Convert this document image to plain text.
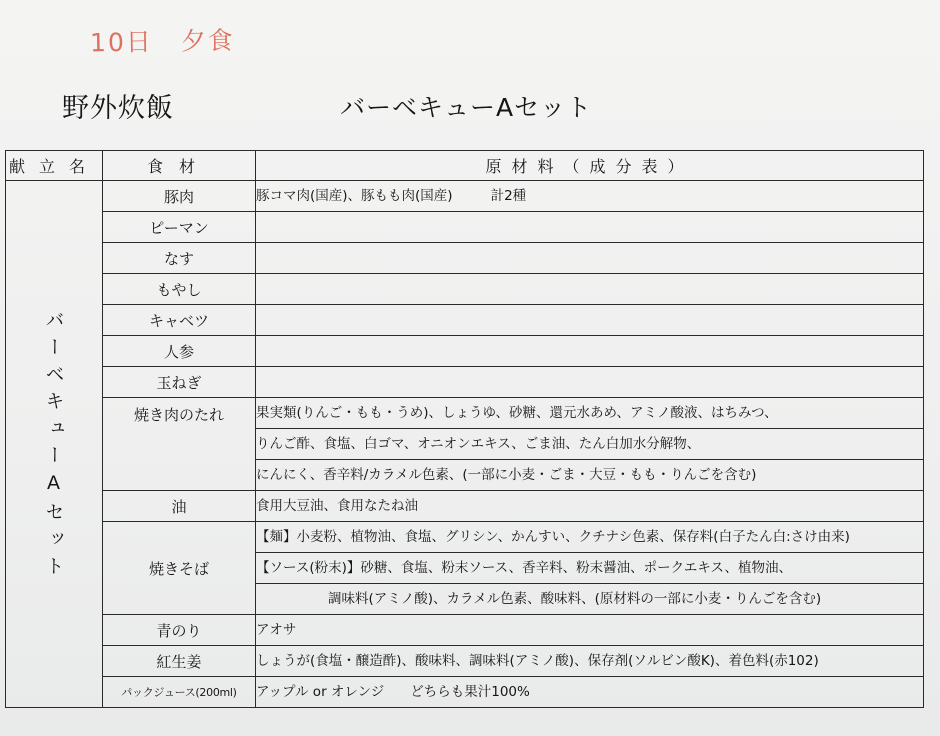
10日 夕食
野外炊飯	バーベキューAセット
献立名	食材	原材料（成分表）
バーベキューAセット	豚肉	豚コマ肉(国産)、豚もも肉(国産) 計2種

	ピーマン	

	なす	

	もやし	

	キャベツ	

	人参	

	玉ねぎ	

	焼き肉のたれ	果実類(りんご・もも・うめ)、しょうゆ、砂糖、還元水あめ、アミノ酸液、はちみつ、
りんご酢、食塩、白ゴマ、オニオンエキス、ごま油、たん白加水分解物、
にんにく、香辛料/カラメル色素、(一部に小麦・ごま・大豆・もも・りんごを含む)

	油	食用大豆油、食用なたね油

	焼きそば	【麺】小麦粉、植物油、食塩、グリシン、かんすい、クチナシ色素、保存料(白子たん白:さけ由来)
【ソース(粉末)】砂糖、食塩、粉末ソース、香辛料、粉末醤油、ポークエキス、植物油、
調味料(アミノ酸)、カラメル色素、酸味料、(原材料の一部に小麦・りんごを含む)

	青のり	アオサ

	紅生姜	しょうが(食塩・醸造酢)、酸味料、調味料(アミノ酸)、保存剤(ソルビン酸K)、着色料(赤102)

	パックジュース(200ml)	アップル or オレンジ どちらも果汁100%
